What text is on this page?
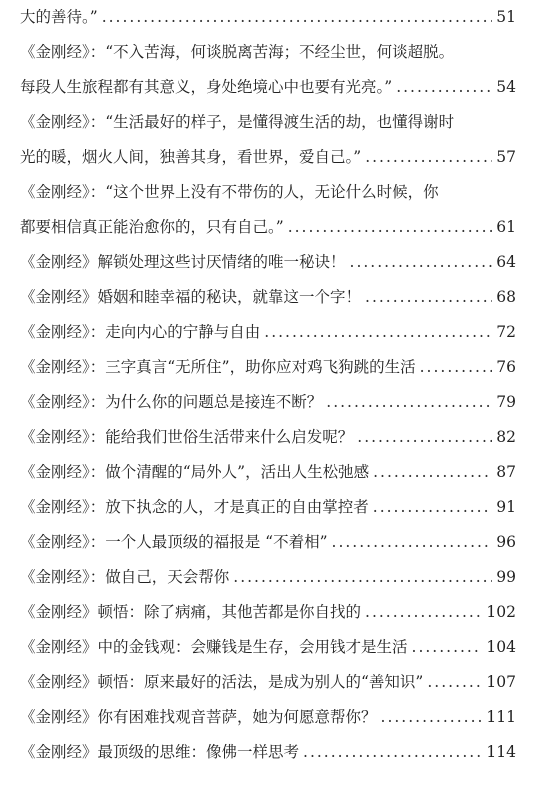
大的善待。” .....	51
《金刚经》：“不入苦海，何谈脱离苦海；不经尘世，何谈超脱。
每段人生旅程都有其意义，身处绝境心中也要有光亮。” .....	54
《金刚经》：“生活最好的样子，是懂得渡生活的劫，也懂得谢时
光的暖，烟火人间，独善其身，看世界，爱自己。” .....	57
《金刚经》：“这个世界上没有不带伤的人，无论什么时候，你
都要相信真正能治愈你的，只有自己。” .....	61
《金刚经》解锁处理这些讨厌情绪的唯一秘诀！ .....	64
《金刚经》婚姻和睦幸福的秘诀，就靠这一个字！ .....	68
《金刚经》：走向内心的宁静与自由 .....	72
《金刚经》：三字真言“无所住”，助你应对鸡飞狗跳的生活 .....	76
《金刚经》：为什么你的问题总是接连不断？ .....	79
《金刚经》：能给我们世俗生活带来什么启发呢？ .....	82
《金刚经》：做个清醒的“局外人”，活出人生松弛感 .....	87
《金刚经》：放下执念的人，才是真正的自由掌控者 .....	91
《金刚经》：一个人最顶级的福报是 “不着相” .....	96
《金刚经》：做自己，天会帮你 .....	99
《金刚经》顿悟：除了病痛，其他苦都是你自找的 .....	102
《金刚经》中的金钱观：会赚钱是生存，会用钱才是生活 .....	104
《金刚经》顿悟：原来最好的活法，是成为别人的“善知识” .....	107
《金刚经》你有困难找观音菩萨，她为何愿意帮你？ .....	111
《金刚经》最顶级的思维：像佛一样思考 .....	114
